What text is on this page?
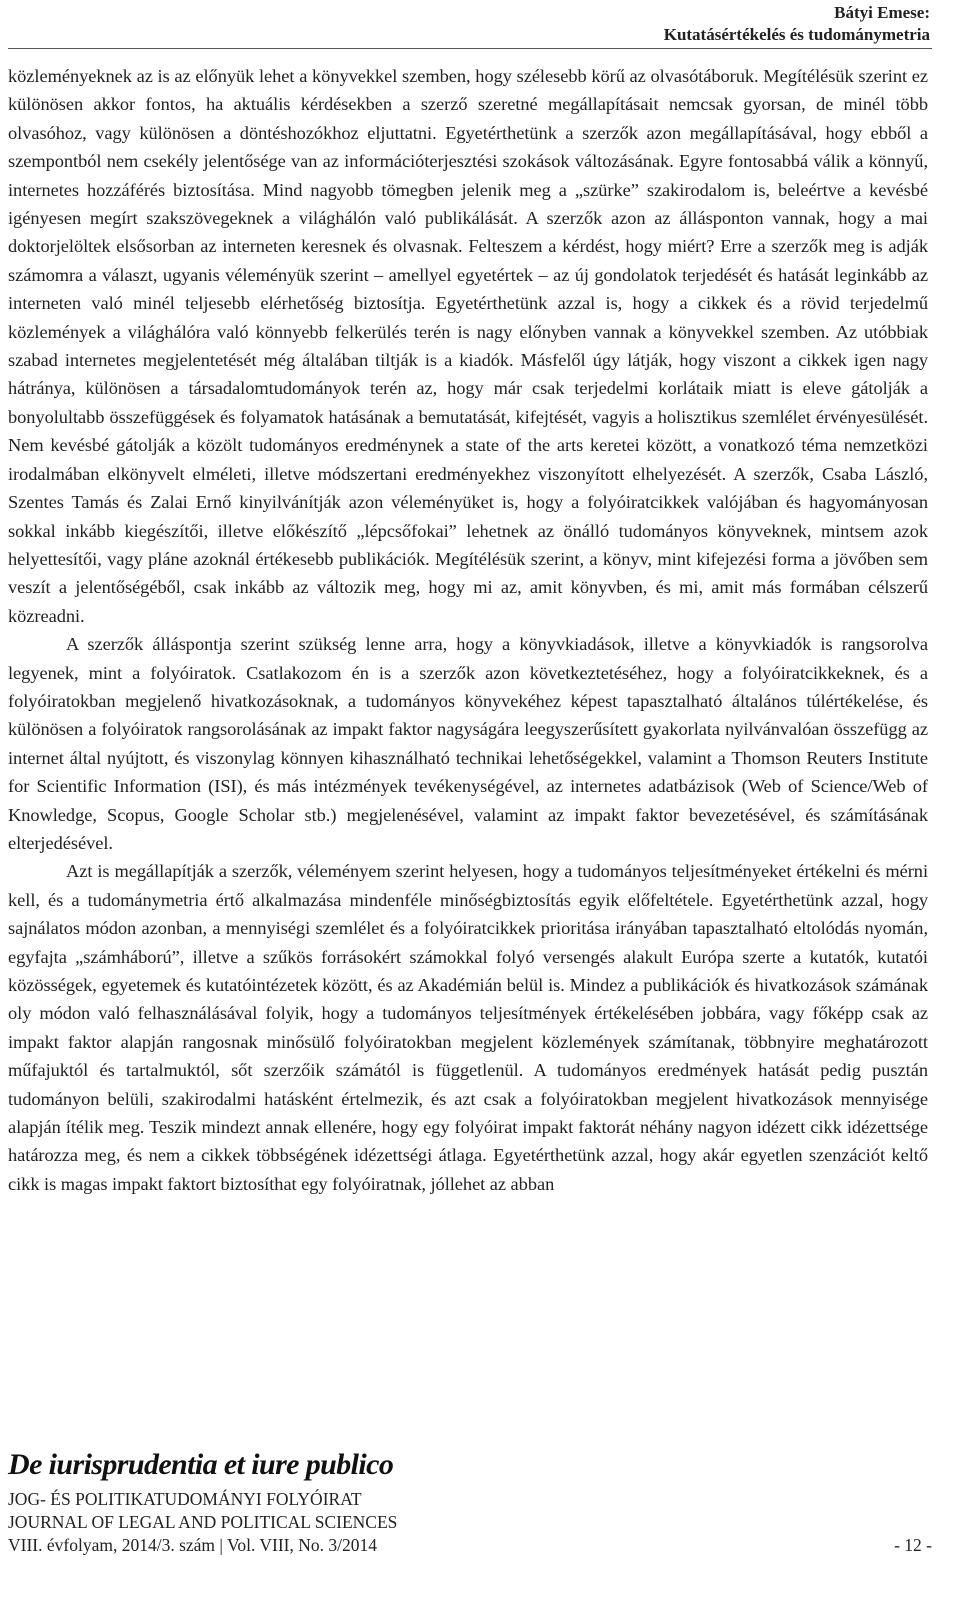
Bátyi Emese:
Kutatásértékelés és tudománymetria

közleményeknek az is az előnyük lehet a könyvekkel szemben, hogy szélesebb körű az olvasótáboruk. Megítélésük szerint ez különösen akkor fontos, ha aktuális kérdésekben a szerző szeretné megállapításait nemcsak gyorsan, de minél több olvasóhoz, vagy különösen a döntéshozókhoz eljuttatni. Egyetérthetünk a szerzők azon megállapításával, hogy ebből a szempontból nem csekély jelentősége van az információterjesztési szokások változásának. Egyre fontosabbá válik a könnyű, internetes hozzáférés biztosítása. Mind nagyobb tömegben jelenik meg a „szürke” szakirodalom is, beleértve a kevésbé igényesen megírt szakszövegeknek a világhálón való publikálását. A szerzők azon az állásponton vannak, hogy a mai doktorjelöltek elsősorban az interneten keresnek és olvasnak. Felteszem a kérdést, hogy miért? Erre a szerzők meg is adják számomra a választ, ugyanis véleményük szerint – amellyel egyetértek – az új gondolatok terjedését és hatását leginkább az interneten való minél teljesebb elérhetőség biztosítja. Egyetérthetünk azzal is, hogy a cikkek és a rövid terjedelmű közlemények a világhálóra való könnyebb felkerülés terén is nagy előnyben vannak a könyvekkel szemben. Az utóbbiak szabad internetes megjelentetését még általában tiltják is a kiadók. Másfelől úgy látják, hogy viszont a cikkek igen nagy hátránya, különösen a társadalomtudományok terén az, hogy már csak terjedelmi korlátaik miatt is eleve gátolják a bonyolultabb összefüggések és folyamatok hatásának a bemutatását, kifejtését, vagyis a holisztikus szemlélet érvényesülését. Nem kevésbé gátolják a közölt tudományos eredménynek a state of the arts keretei között, a vonatkozó téma nemzetközi irodalmában elkönyvelt elméleti, illetve módszertani eredményekhez viszonyított elhelyezését. A szerzők, Csaba László, Szentes Tamás és Zalai Ernő kinyilvánítják azon véleményüket is, hogy a folyóiratcikkek valójában és hagyományosan sokkal inkább kiegészítői, illetve előkészítő „lépcsőfokai” lehetnek az önálló tudományos könyveknek, mintsem azok helyettesítői, vagy pláne azoknál értékesebb publikációk. Megítélésük szerint, a könyv, mint kifejezési forma a jövőben sem veszít a jelentőségéből, csak inkább az változik meg, hogy mi az, amit könyvben, és mi, amit más formában célszerű közreadni.

A szerzők álláspontja szerint szükség lenne arra, hogy a könyvkiadások, illetve a könyvkiadók is rangsorolva legyenek, mint a folyóiratok. Csatlakozom én is a szerzők azon következtetéséhez, hogy a folyóiratcikkeknek, és a folyóiratokban megjelenő hivatkozásoknak, a tudományos könyvekéhez képest tapasztalható általános túlértékelése, és különösen a folyóiratok rangsorolásának az impakt faktor nagyságára leegyszerűsített gyakorlata nyilvánvalóan összefügg az internet által nyújtott, és viszonylag könnyen kihasználható technikai lehetőségekkel, valamint a Thomson Reuters Institute for Scientific Information (ISI), és más intézmények tevékenységével, az internetes adatbázisok (Web of Science/Web of Knowledge, Scopus, Google Scholar stb.) megjelenésével, valamint az impakt faktor bevezetésével, és számításának elterjedésével.

Azt is megállapítják a szerzők, véleményem szerint helyesen, hogy a tudományos teljesítményeket értékelni és mérni kell, és a tudománymetria értő alkalmazása mindenféle minőségbiztosítás egyik előfeltétele. Egyetérthetünk azzal, hogy sajnálatos módon azonban, a mennyiségi szemlélet és a folyóiratcikkek prioritása irányában tapasztalható eltolódás nyomán, egyfajta „számháború”, illetve a szűkös forrásokért számokkal folyó versengés alakult Európa szerte a kutatók, kutatói közösségek, egyetemek és kutatóintézetek között, és az Akadémián belül is. Mindez a publikációk és hivatkozások számának oly módon való felhasználásával folyik, hogy a tudományos teljesítmények értékelésében jobbára, vagy főképp csak az impakt faktor alapján rangosnak minősülő folyóiratokban megjelent közlemények számítanak, többnyire meghatározott műfajuktól és tartalmuktól, sőt szerzőik számától is függetlenül. A tudományos eredmények hatását pedig pusztán tudományon belüli, szakirodalmi hatásként értelmezik, és azt csak a folyóiratokban megjelent hivatkozások mennyisége alapján ítélik meg. Teszik mindezt annak ellenére, hogy egy folyóirat impakt faktorát néhány nagyon idézett cikk idézettsége határozza meg, és nem a cikkek többségének idézettségi átlaga. Egyetérthetünk azzal, hogy akár egyetlen szenzációt keltő cikk is magas impakt faktort biztosíthat egy folyóiratnak, jóllehet az abban

De iurisprudentia et iure publico
JOG- ÉS POLITIKATUDOMÁNYI FOLYÓIRAT
JOURNAL OF LEGAL AND POLITICAL SCIENCES
VIII. évfolyam, 2014/3. szám | Vol. VIII, No. 3/2014	- 12 -
